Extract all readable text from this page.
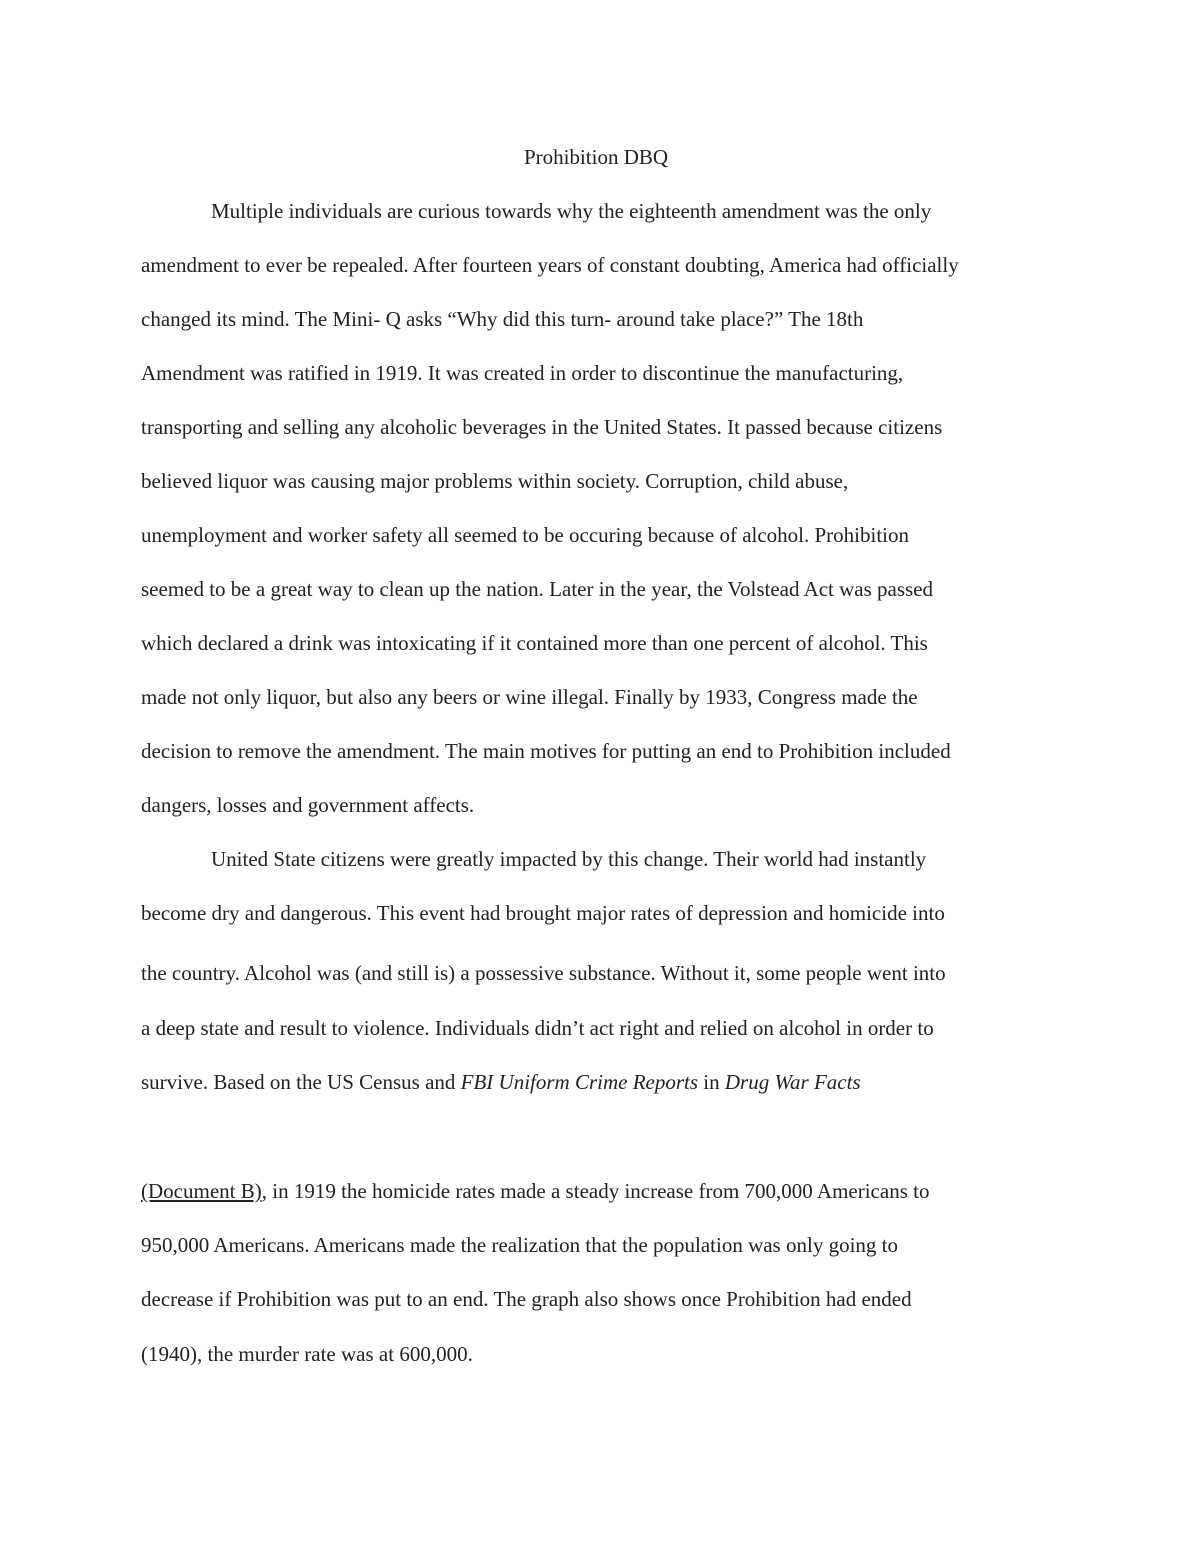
Prohibition DBQ

Multiple individuals are curious towards why the eighteenth amendment was the only

amendment to ever be repealed. After fourteen years of constant doubting, America had officially

changed its mind. The Mini- Q asks “Why did this turn- around take place?” The 18th

Amendment was ratified in 1919. It was created in order to discontinue the manufacturing,

transporting and selling any alcoholic beverages in the United States. It passed because citizens

believed liquor was causing major problems within society. Corruption, child abuse,

unemployment and worker safety all seemed to be occuring because of alcohol. Prohibition

seemed to be a great way to clean up the nation. Later in the year, the Volstead Act was passed

which declared a drink was intoxicating if it contained more than one percent of alcohol. This

made not only liquor, but also any beers or wine illegal. Finally by 1933, Congress made the

decision to remove the amendment. The main motives for putting an end to Prohibition included

dangers, losses and government affects.

United State citizens were greatly impacted by this change. Their world had instantly

become dry and dangerous. This event had brought major rates of depression and homicide into

the country. Alcohol was (and still is) a possessive substance. Without it, some people went into

a deep state and result to violence. Individuals didn’t act right and relied on alcohol in order to

survive. Based on the US Census and FBI Uniform Crime Reports in Drug War Facts

(Document B), in 1919 the homicide rates made a steady increase from 700,000 Americans to

950,000 Americans. Americans made the realization that the population was only going to

decrease if Prohibition was put to an end. The graph also shows once Prohibition had ended

(1940), the murder rate was at 600,000.
